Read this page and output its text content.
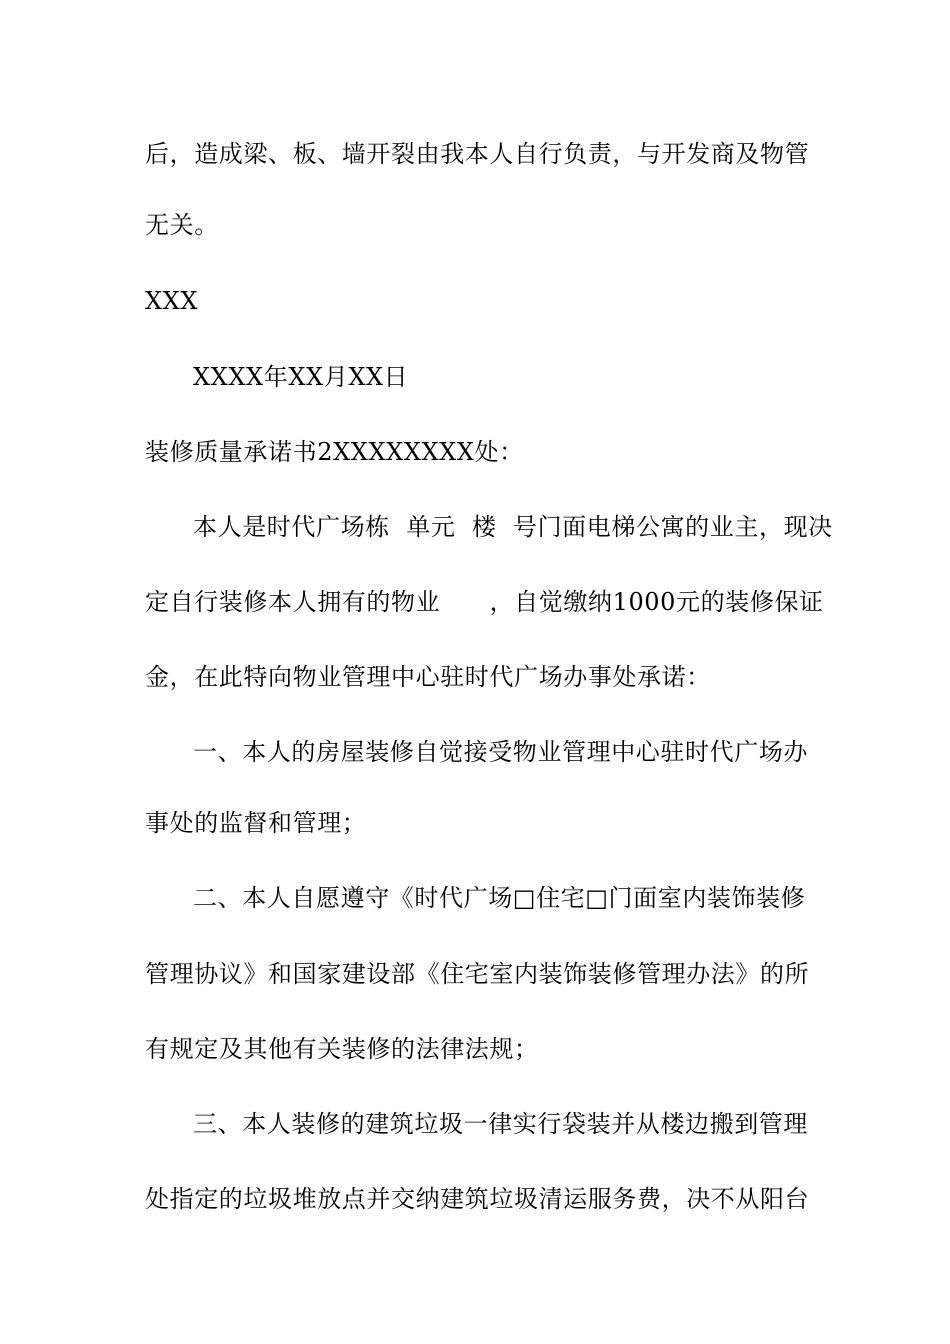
后，造成梁、板、墙开裂由我本人自行负责，与开发商及物管
无关。
XXX
XXXX年XX月XX日
装修质量承诺书2XXXXXXXX处：
本人是时代广场栋  单元  楼  号门面电梯公寓的业主，现决
定自行装修本人拥有的物业      ，自觉缴纳1000元的装修保证
金，在此特向物业管理中心驻时代广场办事处承诺：
一、本人的房屋装修自觉接受物业管理中心驻时代广场办
事处的监督和管理；
二、本人自愿遵守《时代广场□住宅□门面室内装饰装修
管理协议》和国家建设部《住宅室内装饰装修管理办法》的所
有规定及其他有关装修的法律法规；
三、本人装修的建筑垃圾一律实行袋装并从楼边搬到管理
处指定的垃圾堆放点并交纳建筑垃圾清运服务费，决不从阳台
